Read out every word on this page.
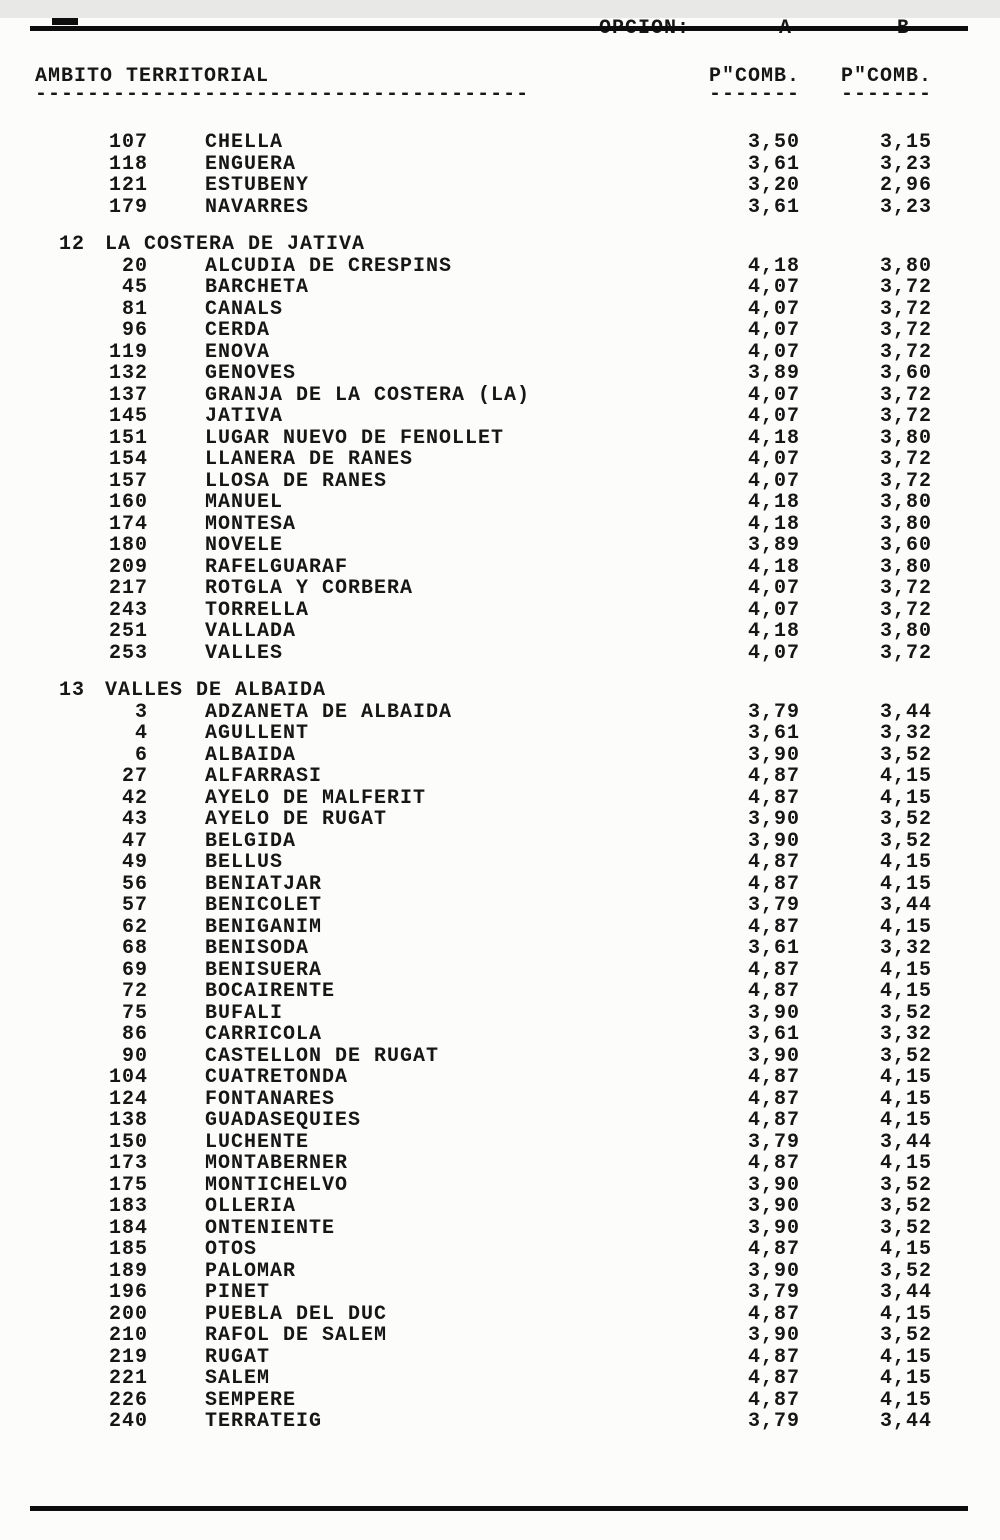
AMBITO TERRITORIAL	P"COMB.	P"COMB.
--------------------------------------	-------	-------
107	CHELLA	3,50	3,15
118	ENGUERA	3,61	3,23
121	ESTUBENY	3,20	2,96
179	NAVARRES	3,61	3,23
12	LA COSTERA DE JATIVA
20	ALCUDIA DE CRESPINS	4,18	3,80
45	BARCHETA	4,07	3,72
81	CANALS	4,07	3,72
96	CERDA	4,07	3,72
119	ENOVA	4,07	3,72
132	GENOVES	3,89	3,60
137	GRANJA DE LA COSTERA (LA)	4,07	3,72
145	JATIVA	4,07	3,72
151	LUGAR NUEVO DE FENOLLET	4,18	3,80
154	LLANERA DE RANES	4,07	3,72
157	LLOSA DE RANES	4,07	3,72
160	MANUEL	4,18	3,80
174	MONTESA	4,18	3,80
180	NOVELE	3,89	3,60
209	RAFELGUARAF	4,18	3,80
217	ROTGLA Y CORBERA	4,07	3,72
243	TORRELLA	4,07	3,72
251	VALLADA	4,18	3,80
253	VALLES	4,07	3,72
13	VALLES DE ALBAIDA
3	ADZANETA DE ALBAIDA	3,79	3,44
4	AGULLENT	3,61	3,32
6	ALBAIDA	3,90	3,52
27	ALFARRASI	4,87	4,15
42	AYELO DE MALFERIT	4,87	4,15
43	AYELO DE RUGAT	3,90	3,52
47	BELGIDA	3,90	3,52
49	BELLUS	4,87	4,15
56	BENIATJAR	4,87	4,15
57	BENICOLET	3,79	3,44
62	BENIGANIM	4,87	4,15
68	BENISODA	3,61	3,32
69	BENISUERA	4,87	4,15
72	BOCAIRENTE	4,87	4,15
75	BUFALI	3,90	3,52
86	CARRICOLA	3,61	3,32
90	CASTELLON DE RUGAT	3,90	3,52
104	CUATRETONDA	4,87	4,15
124	FONTANARES	4,87	4,15
138	GUADASEQUIES	4,87	4,15
150	LUCHENTE	3,79	3,44
173	MONTABERNER	4,87	4,15
175	MONTICHELVO	3,90	3,52
183	OLLERIA	3,90	3,52
184	ONTENIENTE	3,90	3,52
185	OTOS	4,87	4,15
189	PALOMAR	3,90	3,52
196	PINET	3,79	3,44
200	PUEBLA DEL DUC	4,87	4,15
210	RAFOL DE SALEM	3,90	3,52
219	RUGAT	4,87	4,15
221	SALEM	4,87	4,15
226	SEMPERE	4,87	4,15
240	TERRATEIG	3,79	3,44
